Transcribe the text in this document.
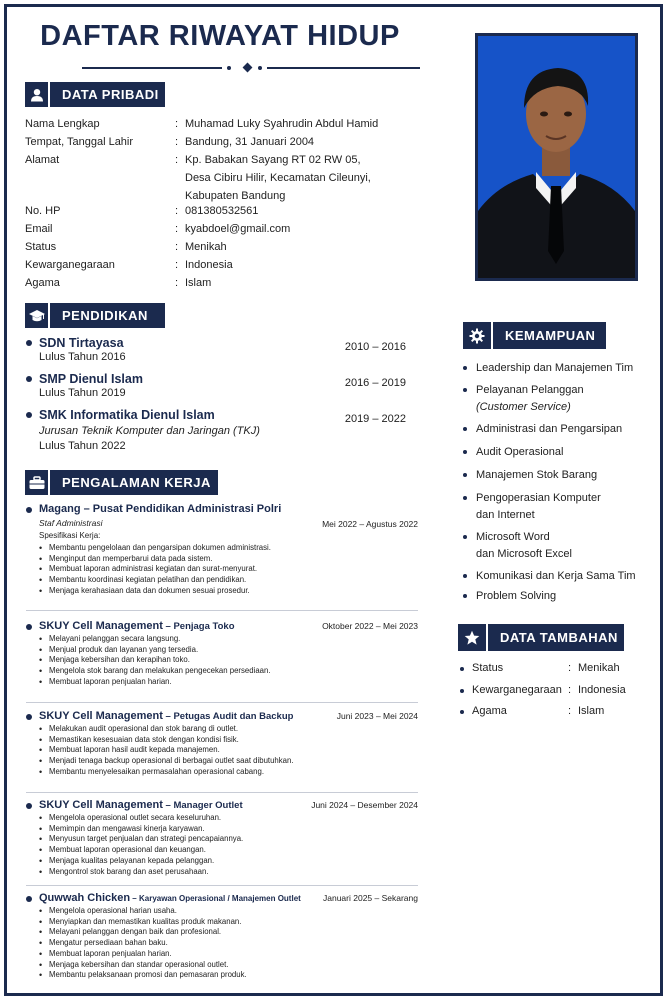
DAFTAR RIWAYAT HIDUP
DATA PRIBADI
Nama Lengkap	: Muhamad Luky Syahrudin Abdul Hamid
Tempat, Tanggal Lahir	: Bandung, 31 Januari 2004
Alamat	: Kp. Babakan Sayang RT 02 RW 05,
Desa Cibiru Hilir, Kecamatan Cileunyi,
Kabupaten Bandung
No. HP	: 081380532561
Email	: kyabdoel@gmail.com
Status	: Menikah
Kewarganegaraan	: Indonesia
Agama	: Islam
PENDIDIKAN
SDN Tirtayasa	2010 – 2016
Lulus Tahun 2016
SMP Dienul Islam	2016 – 2019
Lulus Tahun 2019
SMK Informatika Dienul Islam	2019 – 2022
Jurusan Teknik Komputer dan Jaringan (TKJ)
Lulus Tahun 2022
PENGALAMAN KERJA
Magang – Pusat Pendidikan Administrasi Polri
Staf Administrasi	Mei 2022 – Agustus 2022
Spesifikasi Kerja:
• Membantu pengelolaan dan pengarsipan dokumen administrasi.
• Menginput dan memperbarui data pada sistem.
• Membuat laporan administrasi kegiatan dan surat-menyurat.
• Membantu koordinasi kegiatan pelatihan dan pendidikan.
• Menjaga kerahasiaan data dan dokumen sesuai prosedur.
SKUY Cell Management – Penjaga Toko	Oktober 2022 – Mei 2023
• Melayani pelanggan secara langsung.
• Menjual produk dan layanan yang tersedia.
• Menjaga kebersihan dan kerapihan toko.
• Mengelola stok barang dan melakukan pengecekan persediaan.
• Membuat laporan penjualan harian.
SKUY Cell Management – Petugas Audit dan Backup	Juni 2023 – Mei 2024
• Melakukan audit operasional dan stok barang di outlet.
• Memastikan kesesuaian data stok dengan kondisi fisik.
• Membuat laporan hasil audit kepada manajemen.
• Menjadi tenaga backup operasional di berbagai outlet saat dibutuhkan.
• Membantu menyelesaikan permasalahan operasional cabang.
SKUY Cell Management – Manager Outlet	Juni 2024 – Desember 2024
• Mengelola operasional outlet secara keseluruhan.
• Memimpin dan mengawasi kinerja karyawan.
• Menyusun target penjualan dan strategi pencapaiannya.
• Membuat laporan operasional dan keuangan.
• Menjaga kualitas pelayanan kepada pelanggan.
• Mengontrol stok barang dan aset perusahaan.
Quwwah Chicken – Karyawan Operasional / Manajemen Outlet	Januari 2025 – Sekarang
• Mengelola operasional harian usaha.
• Menyiapkan dan memastikan kualitas produk makanan.
• Melayani pelanggan dengan baik dan profesional.
• Mengatur persediaan bahan baku.
• Membuat laporan penjualan harian.
• Menjaga kebersihan dan standar operasional outlet.
• Membantu pelaksanaan promosi dan pemasaran produk.
KEMAMPUAN
Leadership dan Manajemen Tim
Pelayanan Pelanggan
(Customer Service)
Administrasi dan Pengarsipan
Audit Operasional
Manajemen Stok Barang
Pengoperasian Komputer
dan Internet
Microsoft Word
dan Microsoft Excel
Komunikasi dan Kerja Sama Tim
Problem Solving
DATA TAMBAHAN
Status	: Menikah
Kewarganegaraan : Indonesia
Agama	: Islam
